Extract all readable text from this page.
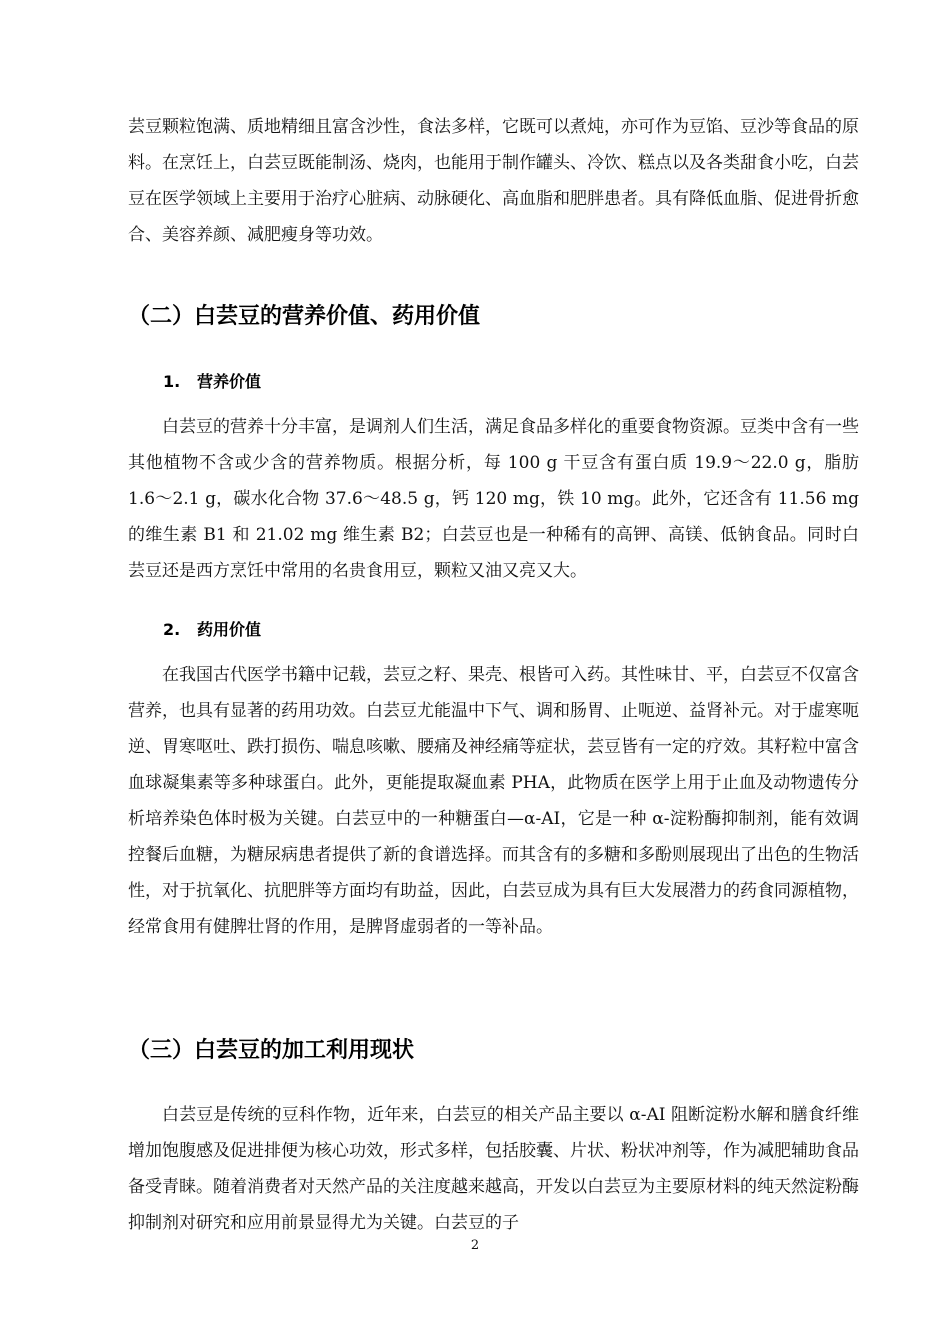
芸豆颗粒饱满、质地精细且富含沙性，食法多样，它既可以煮炖，亦可作为豆馅、豆沙等食品的原料。在烹饪上，白芸豆既能制汤、烧肉，也能用于制作罐头、冷饮、糕点以及各类甜食小吃，白芸豆在医学领域上主要用于治疗心脏病、动脉硬化、高血脂和肥胖患者。具有降低血脂、促进骨折愈合、美容养颜、减肥瘦身等功效。

（二）白芸豆的营养价值、药用价值
1. 营养价值

白芸豆的营养十分丰富，是调剂人们生活，满足食品多样化的重要食物资源。豆类中含有一些其他植物不含或少含的营养物质。根据分析，每 100 g 干豆含有蛋白质 19.9～22.0 g，脂肪 1.6～2.1 g，碳水化合物 37.6～48.5 g，钙 120 mg，铁 10 mg。此外，它还含有 11.56 mg 的维生素 B1 和 21.02 mg 维生素 B2；白芸豆也是一种稀有的高钾、高镁、低钠食品。同时白芸豆还是西方烹饪中常用的名贵食用豆，颗粒又油又亮又大。

2. 药用价值

在我国古代医学书籍中记载，芸豆之籽、果壳、根皆可入药。其性味甘、平，白芸豆不仅富含营养，也具有显著的药用功效。白芸豆尤能温中下气、调和肠胃、止呃逆、益肾补元。对于虚寒呃逆、胃寒呕吐、跌打损伤、喘息咳嗽、腰痛及神经痛等症状，芸豆皆有一定的疗效。其籽粒中富含血球凝集素等多种球蛋白。此外，更能提取凝血素 PHA，此物质在医学上用于止血及动物遗传分析培养染色体时极为关键。白芸豆中的一种糖蛋白—α-AI，它是一种 α-淀粉酶抑制剂，能有效调控餐后血糖，为糖尿病患者提供了新的食谱选择。而其含有的多糖和多酚则展现出了出色的生物活性，对于抗氧化、抗肥胖等方面均有助益，因此，白芸豆成为具有巨大发展潜力的药食同源植物，经常食用有健脾壮肾的作用，是脾肾虚弱者的一等补品。

（三）白芸豆的加工利用现状

白芸豆是传统的豆科作物，近年来，白芸豆的相关产品主要以 α-AI 阻断淀粉水解和膳食纤维增加饱腹感及促进排便为核心功效，形式多样，包括胶囊、片状、粉状冲剂等，作为减肥辅助食品备受青睐。随着消费者对天然产品的关注度越来越高，开发以白芸豆为主要原材料的纯天然淀粉酶抑制剂对研究和应用前景显得尤为关键。白芸豆的子

2
